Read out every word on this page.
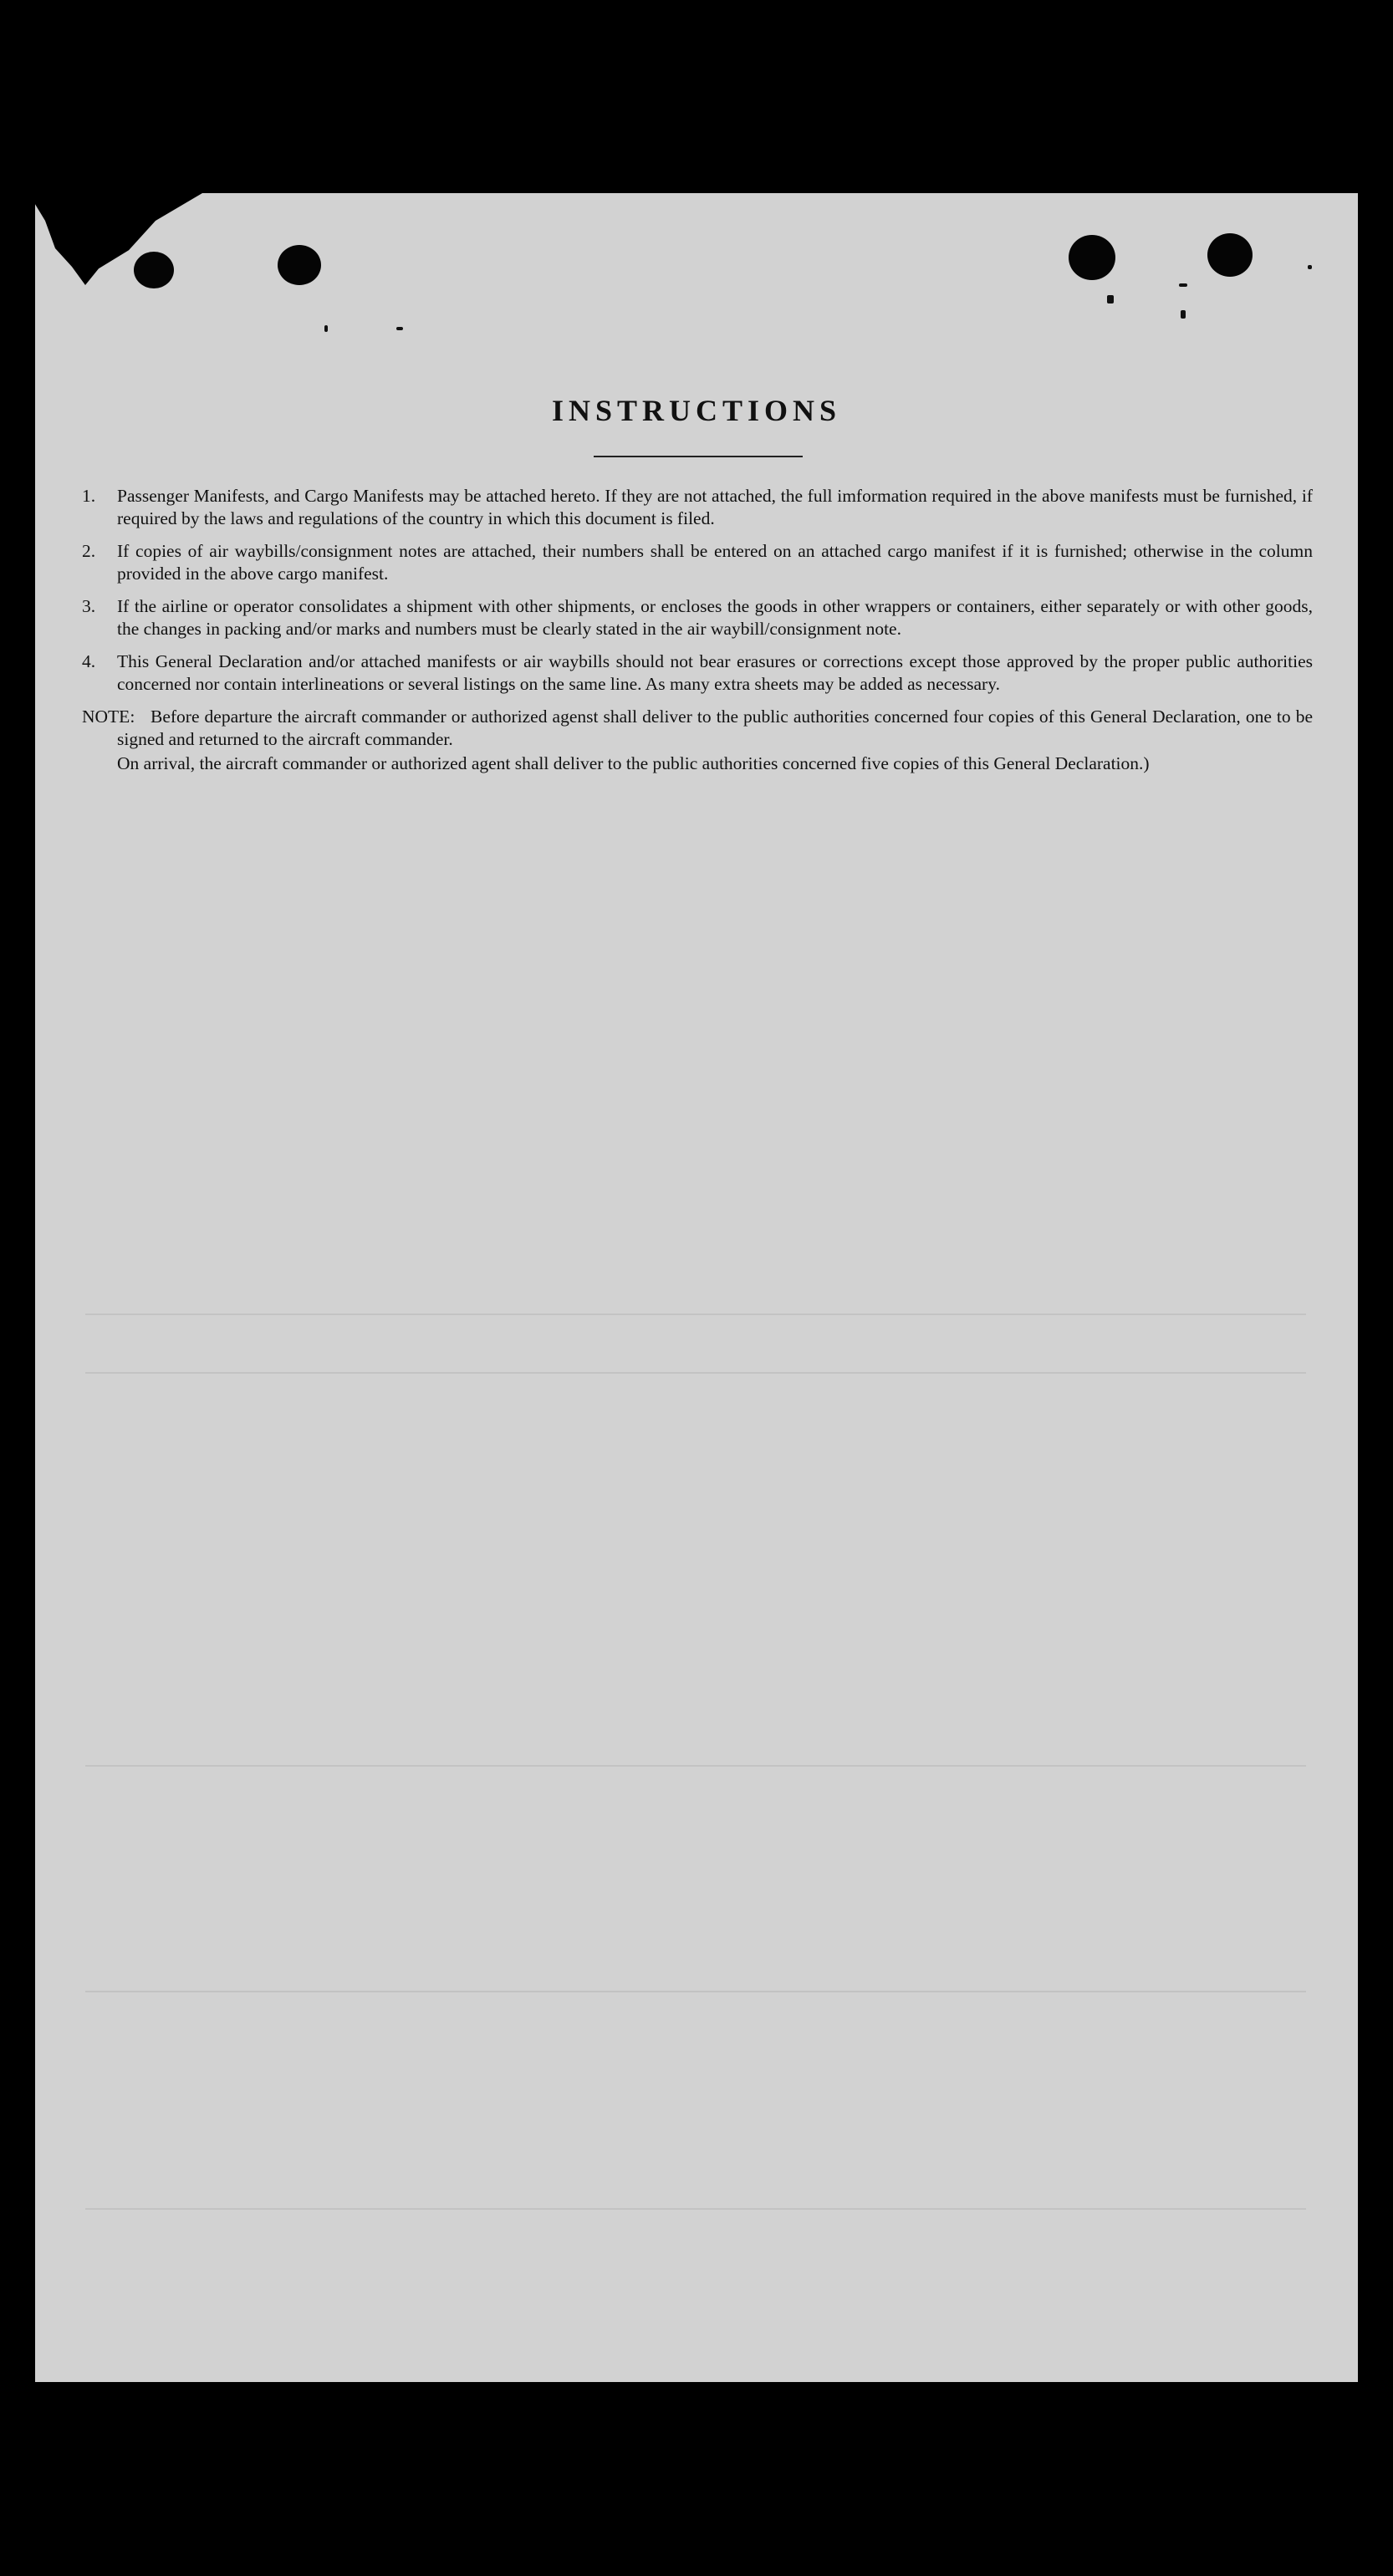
INSTRUCTIONS
1.	Passenger Manifests, and Cargo Manifests may be attached hereto. If they are not attached, the full imformation required in the above manifests must be furnished, if required by the laws and regulations of the country in which this document is filed.
2.	If copies of air waybills/consignment notes are attached, their numbers shall be entered on an attached cargo manifest if it is furnished; otherwise in the column provided in the above cargo manifest.
3.	If the airline or operator consolidates a shipment with other shipments, or encloses the goods in other wrappers or containers, either separately or with other goods, the changes in packing and/or marks and numbers must be clearly stated in the air waybill/consignment note.
4.	This General Declaration and/or attached manifests or air waybills should not bear erasures or corrections except those approved by the proper public authorities concerned nor contain interlineations or several listings on the same line. As many extra sheets may be added as necessary.
NOTE: Before departure the aircraft commander or authorized agenst shall deliver to the public authorities concerned four copies of this General Declaration, one to be signed and returned to the aircraft commander.
On arrival, the aircraft commander or authorized agent shall deliver to the public authorities concerned five copies of this General Declaration.)
